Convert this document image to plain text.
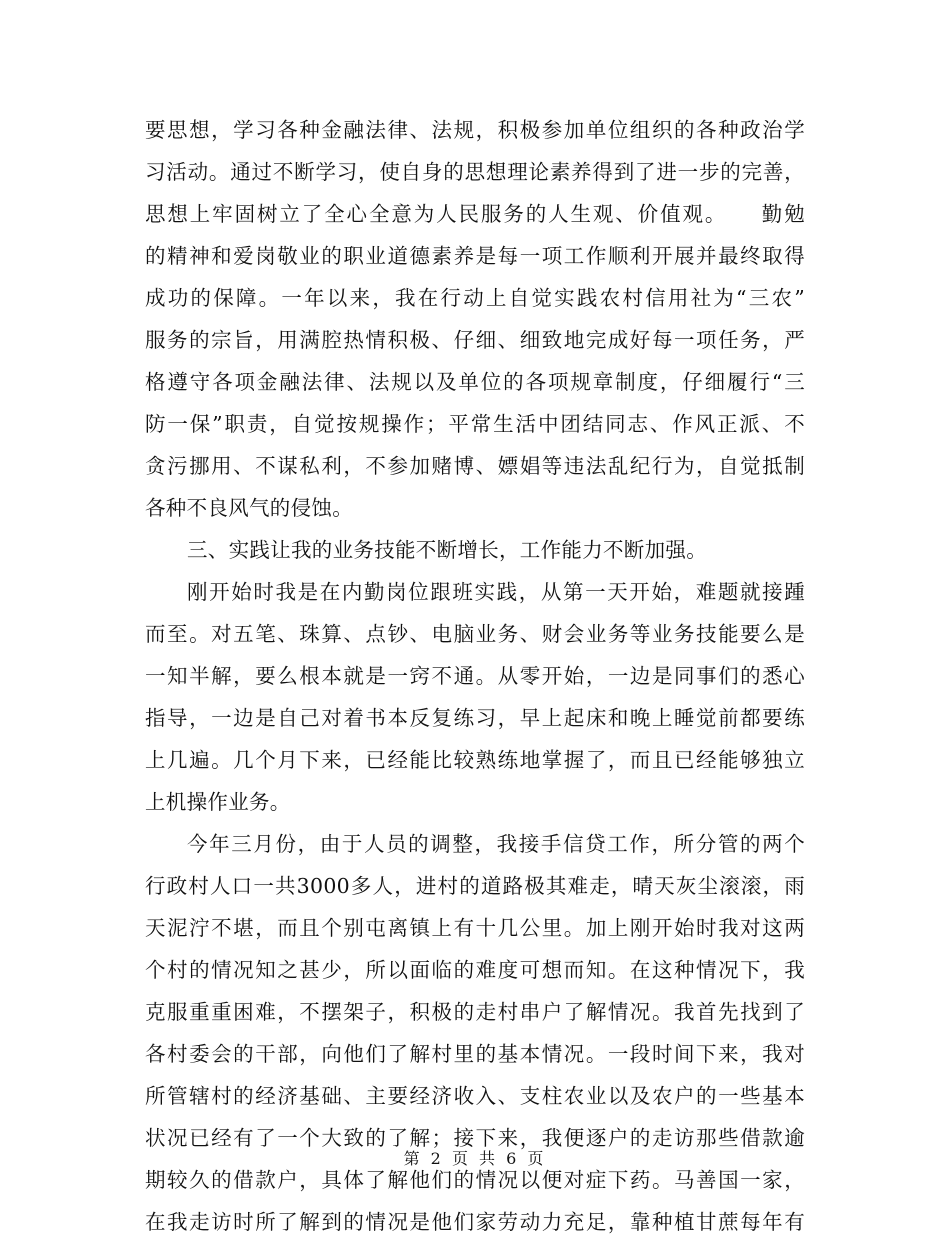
要思想，学习各种金融法律、法规，积极参加单位组织的各种政治学
习活动。通过不断学习，使自身的思想理论素养得到了进一步的完善，
思想上牢固树立了全心全意为人民服务的人生观、价值观。　　勤勉
的精神和爱岗敬业的职业道德素养是每一项工作顺利开展并最终取得
成功的保障。一年以来，我在行动上自觉实践农村信用社为“三农”
服务的宗旨，用满腔热情积极、仔细、细致地完成好每一项任务，严
格遵守各项金融法律、法规以及单位的各项规章制度，仔细履行“三
防一保”职责，自觉按规操作；平常生活中团结同志、作风正派、不
贪污挪用、不谋私利，不参加赌博、嫖娼等违法乱纪行为，自觉抵制
各种不良风气的侵蚀。
三、实践让我的业务技能不断增长，工作能力不断加强。
刚开始时我是在内勤岗位跟班实践，从第一天开始，难题就接踵
而至。对五笔、珠算、点钞、电脑业务、财会业务等业务技能要么是
一知半解，要么根本就是一窍不通。从零开始，一边是同事们的悉心
指导，一边是自己对着书本反复练习，早上起床和晚上睡觉前都要练
上几遍。几个月下来，已经能比较熟练地掌握了，而且已经能够独立
上机操作业务。
今年三月份，由于人员的调整，我接手信贷工作，所分管的两个
行政村人口一共3000多人，进村的道路极其难走，晴天灰尘滚滚，雨
天泥泞不堪，而且个别屯离镇上有十几公里。加上刚开始时我对这两
个村的情况知之甚少，所以面临的难度可想而知。在这种情况下，我
克服重重困难，不摆架子，积极的走村串户了解情况。我首先找到了
各村委会的干部，向他们了解村里的基本情况。一段时间下来，我对
所管辖村的经济基础、主要经济收入、支柱农业以及农户的一些基本
状况已经有了一个大致的了解；接下来，我便逐户的走访那些借款逾
期较久的借款户，具体了解他们的情况以便对症下药。马善国一家，
在我走访时所了解到的情况是他们家劳动力充足，靠种植甘蔗每年有
第 2 页 共 6 页
